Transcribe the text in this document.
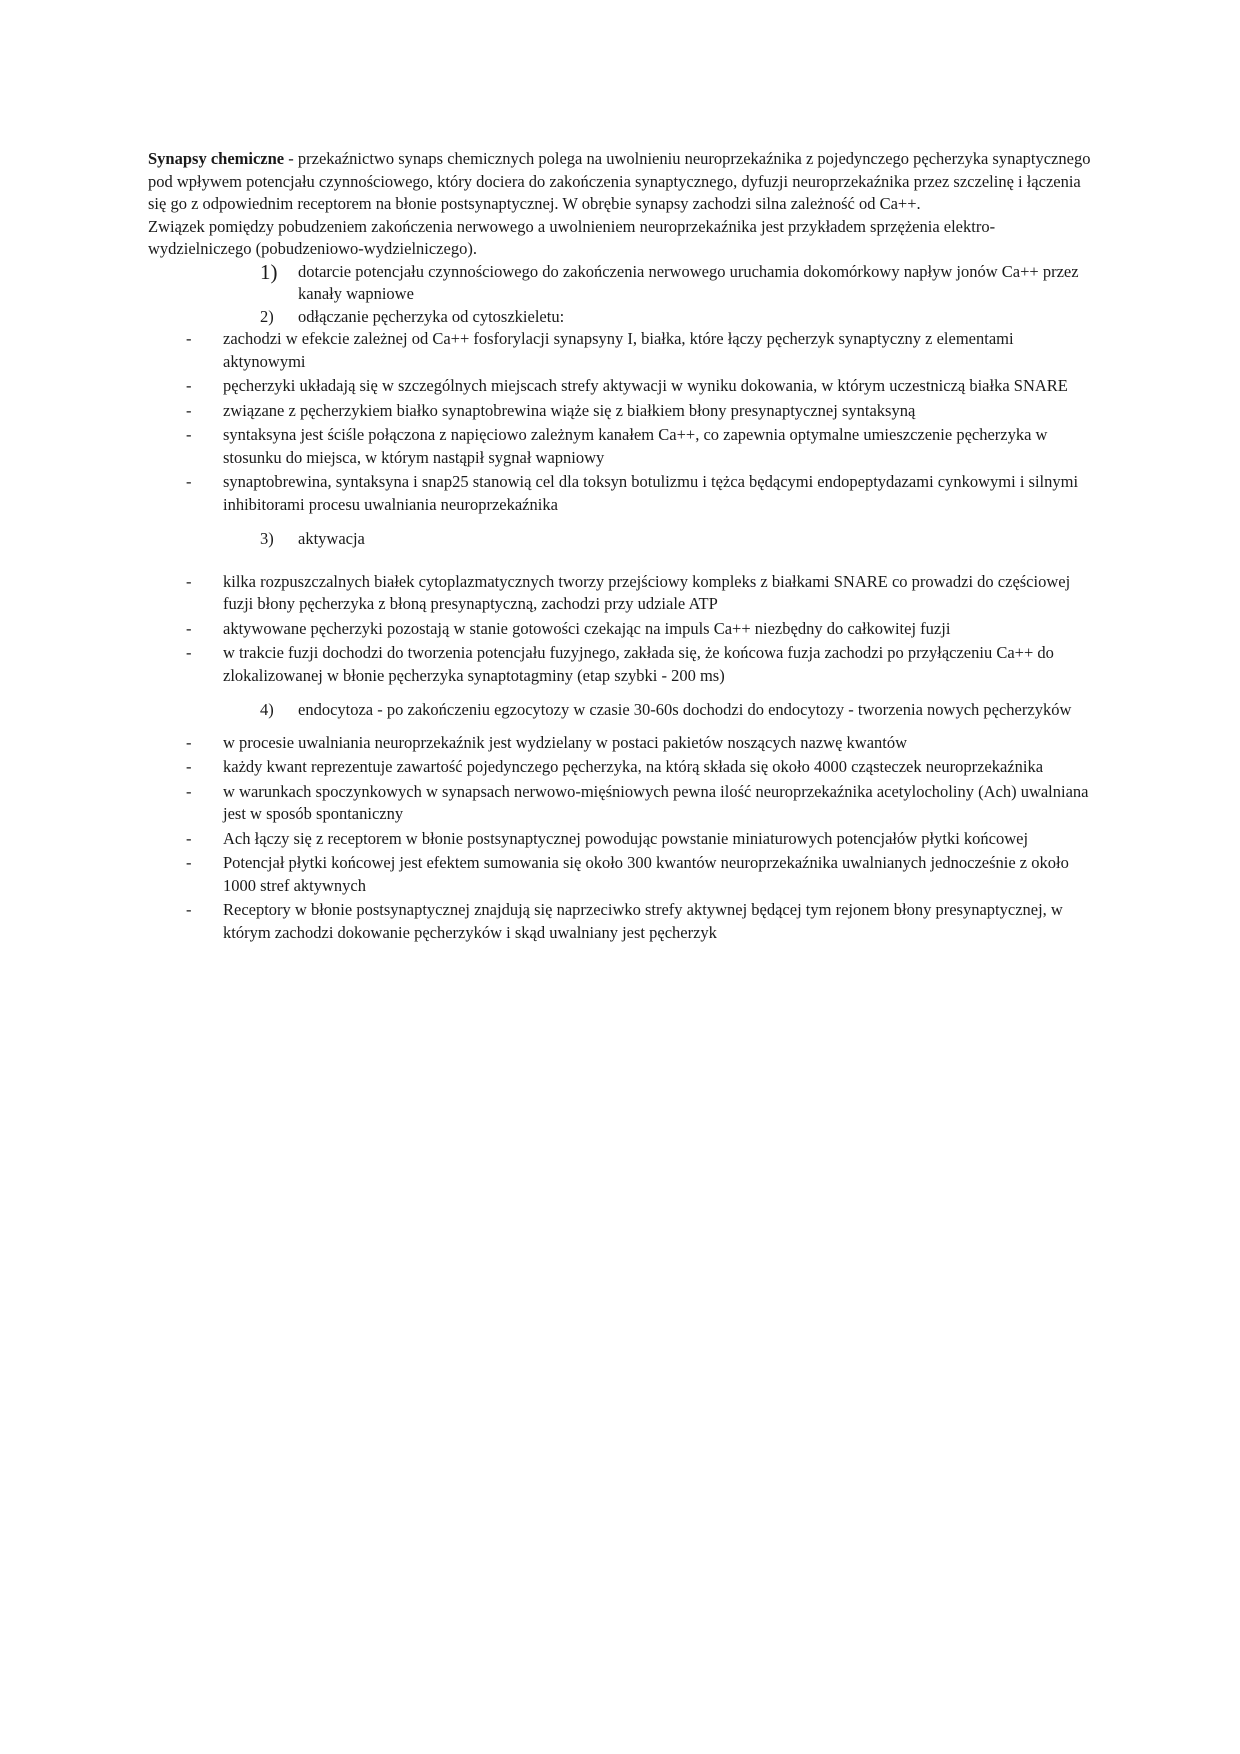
Synapsy chemiczne - przekaźnictwo synaps chemicznych polega na uwolnieniu neuroprzekaźnika z pojedynczego pęcherzyka synaptycznego pod wpływem potencjału czynnościowego, który dociera do zakończenia synaptycznego, dyfuzji neuroprzekaźnika przez szczelinę i łączenia się go z odpowiednim receptorem na błonie postsynaptycznej. W obrębie synapsy zachodzi silna zależność od Ca++.

Związek pomiędzy pobudzeniem zakończenia nerwowego a uwolnieniem neuroprzekaźnika jest przykładem sprzężenia elektro-wydzielniczego (pobudzeniowo-wydzielniczego).

1) dotarcie potencjału czynnościowego do zakończenia nerwowego uruchamia dokomórkowy napływ jonów Ca++ przez kanały wapniowe
2) odłączanie pęcherzyka od cytoszkieletu:
- zachodzi w efekcie zależnej od Ca++ fosforylacji synapsyny I, białka, które łączy pęcherzyk synaptyczny z elementami aktynowymi
- pęcherzyki układają się w szczególnych miejscach strefy aktywacji w wyniku dokowania, w którym uczestniczą białka SNARE
- związane z pęcherzykiem białko synaptobrewina wiąże się z białkiem błony presynaptycznej syntaksyną
- syntaksyna jest ściśle połączona z napięciowo zależnym kanałem Ca++, co zapewnia optymalne umieszczenie pęcherzyka w stosunku do miejsca, w którym nastąpił sygnał wapniowy
- synaptobrewina, syntaksyna i snap25 stanowią cel dla toksyn botulizmu i tężca będącymi endopeptydazami cynkowymi i silnymi inhibitorami procesu uwalniania neuroprzekaźnika
3) aktywacja
- kilka rozpuszczalnych białek cytoplazmatycznych tworzy przejściowy kompleks z białkami SNARE co prowadzi do częściowej fuzji błony pęcherzyka z błoną presynaptyczną, zachodzi przy udziale ATP
- aktywowane pęcherzyki pozostają w stanie gotowości czekając na impuls Ca++ niezbędny do całkowitej fuzji
- w trakcie fuzji dochodzi do tworzenia potencjału fuzyjnego, zakłada się, że końcowa fuzja zachodzi po przyłączeniu Ca++ do zlokalizowanej w błonie pęcherzyka synaptotagminy (etap szybki - 200 ms)
4) endocytoza - po zakończeniu egzocytozy w czasie 30-60s dochodzi do endocytozy - tworzenia nowych pęcherzyków
- w procesie uwalniania neuroprzekaźnik jest wydzielany w postaci pakietów noszących nazwę kwantów
- każdy kwant reprezentuje zawartość pojedynczego pęcherzyka, na którą składa się około 4000 cząsteczek neuroprzekaźnika
- w warunkach spoczynkowych w synapsach nerwowo-mięśniowych pewna ilość neuroprzekaźnika acetylocholiny (Ach) uwalniana jest w sposób spontaniczny
- Ach łączy się z receptorem w błonie postsynaptycznej powodując powstanie miniaturowych potencjałów płytki końcowej
- Potencjał płytki końcowej jest efektem sumowania się około 300 kwantów neuroprzekaźnika uwalnianych jednocześnie z około 1000 stref aktywnych
- Receptory w błonie postsynaptycznej znajdują się naprzeciwko strefy aktywnej będącej tym rejonem błony presynaptycznej, w którym zachodzi dokowanie pęcherzyków i skąd uwalniany jest pęcherzyk
